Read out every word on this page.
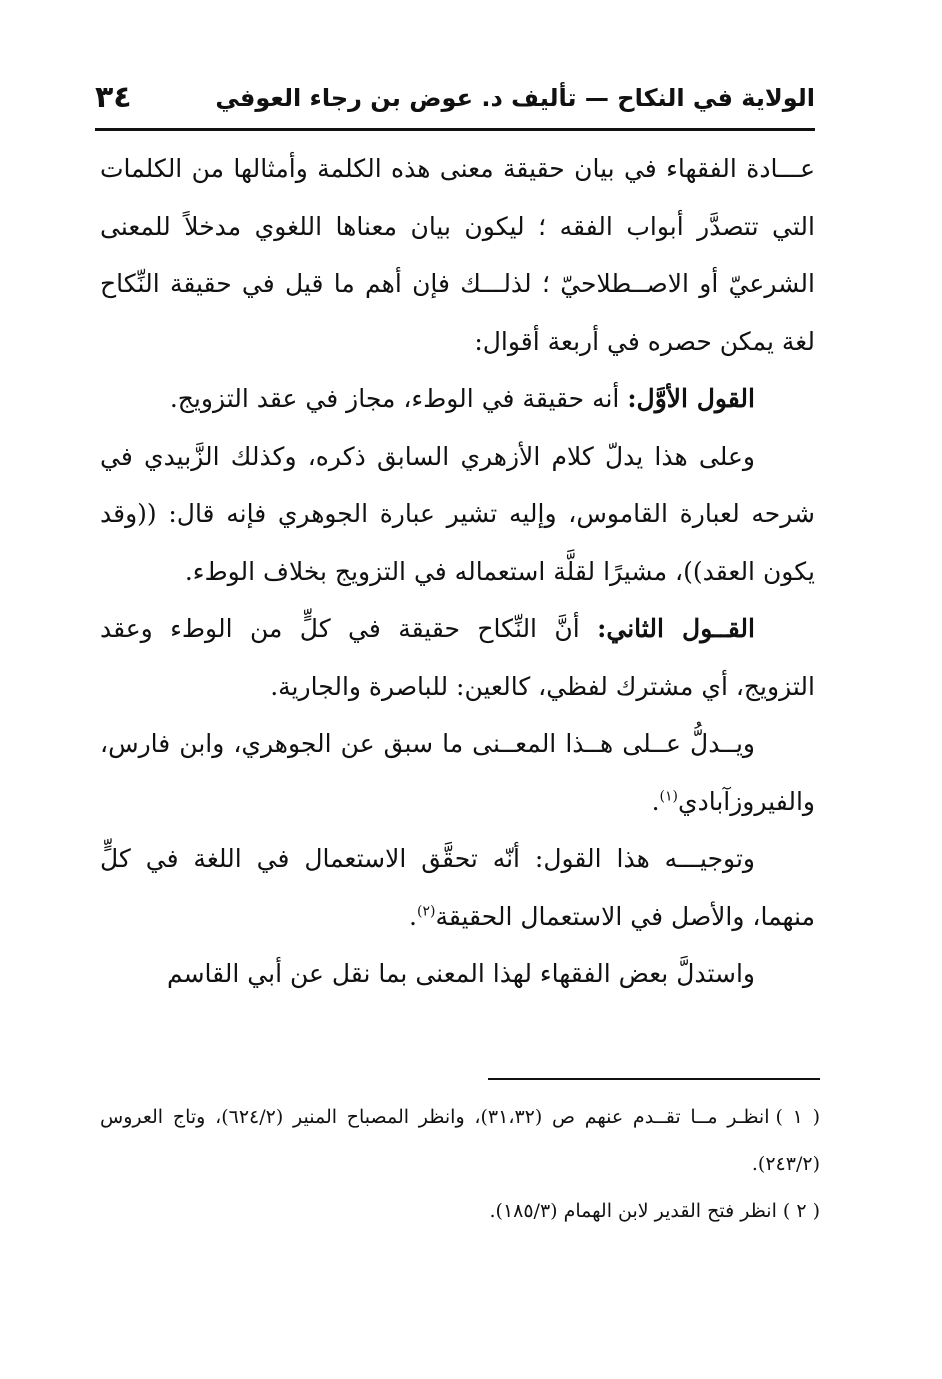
الولاية في النكاح — تأليف د. عوض بن رجاء العوفي
٣٤

عـــادة الفقهاء في بيان حقيقة معنى هذه الكلمة وأمثالها من الكلمات التي تتصدَّر أبواب الفقه ؛ ليكون بيان معناها اللغوي مدخلاً للمعنى الشرعيّ أو الاصــطلاحيّ ؛ لذلـــك فإن أهم ما قيل في حقيقة النِّكاح لغة يمكن حصره في أربعة أقوال:

القول الأوَّل: أنه حقيقة في الوطء، مجاز في عقد التزويج.

وعلى هذا يدلّ كلام الأزهري السابق ذكره، وكذلك الزَّبيدي في شرحه لعبارة القاموس، وإليه تشير عبارة الجوهري فإنه قال: ((وقد يكون العقد))، مشيرًا لقلَّة استعماله في التزويج بخلاف الوطء.

القــول الثاني: أنَّ النِّكاح حقيقة في كلٍّ من الوطء وعقد التزويج، أي مشترك لفظي، كالعين: للباصرة والجارية.

ويــدلُّ عــلى هــذا المعــنى ما سبق عن الجوهري، وابن فارس، والفيروزآبادي$^{(١)}$.

وتوجيـــه هذا القول: أنّه تحقَّق الاستعمال في اللغة في كلٍّ منهما، والأصل في الاستعمال الحقيقة$^{(٢)}$.

واستدلَّ بعض الفقهاء لهذا المعنى بما نقل عن أبي القاسم

( ١ )انظـر مــا تقــدم عنهم ص (٣١،٣٢)، وانظر المصباح المنير (٦٢٤/٢)، وتاج العروس (٢٤٣/٢).

( ٢ )انظر فتح القدير لابن الهمام (١٨٥/٣).
